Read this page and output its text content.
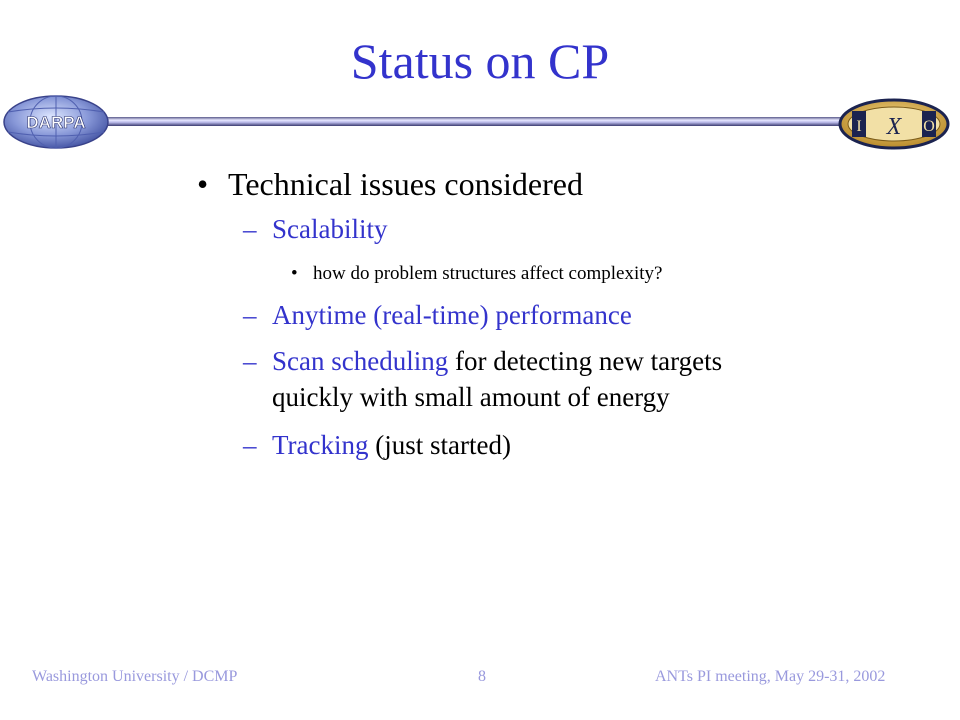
Status on CP
DARPA	I X O
• Technical issues considered
– Scalability
• how do problem structures affect complexity?
– Anytime (real-time) performance
– Scan scheduling for detecting new targets
quickly with small amount of energy
– Tracking (just started)
Washington University / DCMP	8	ANTs PI meeting, May 29-31, 2002
